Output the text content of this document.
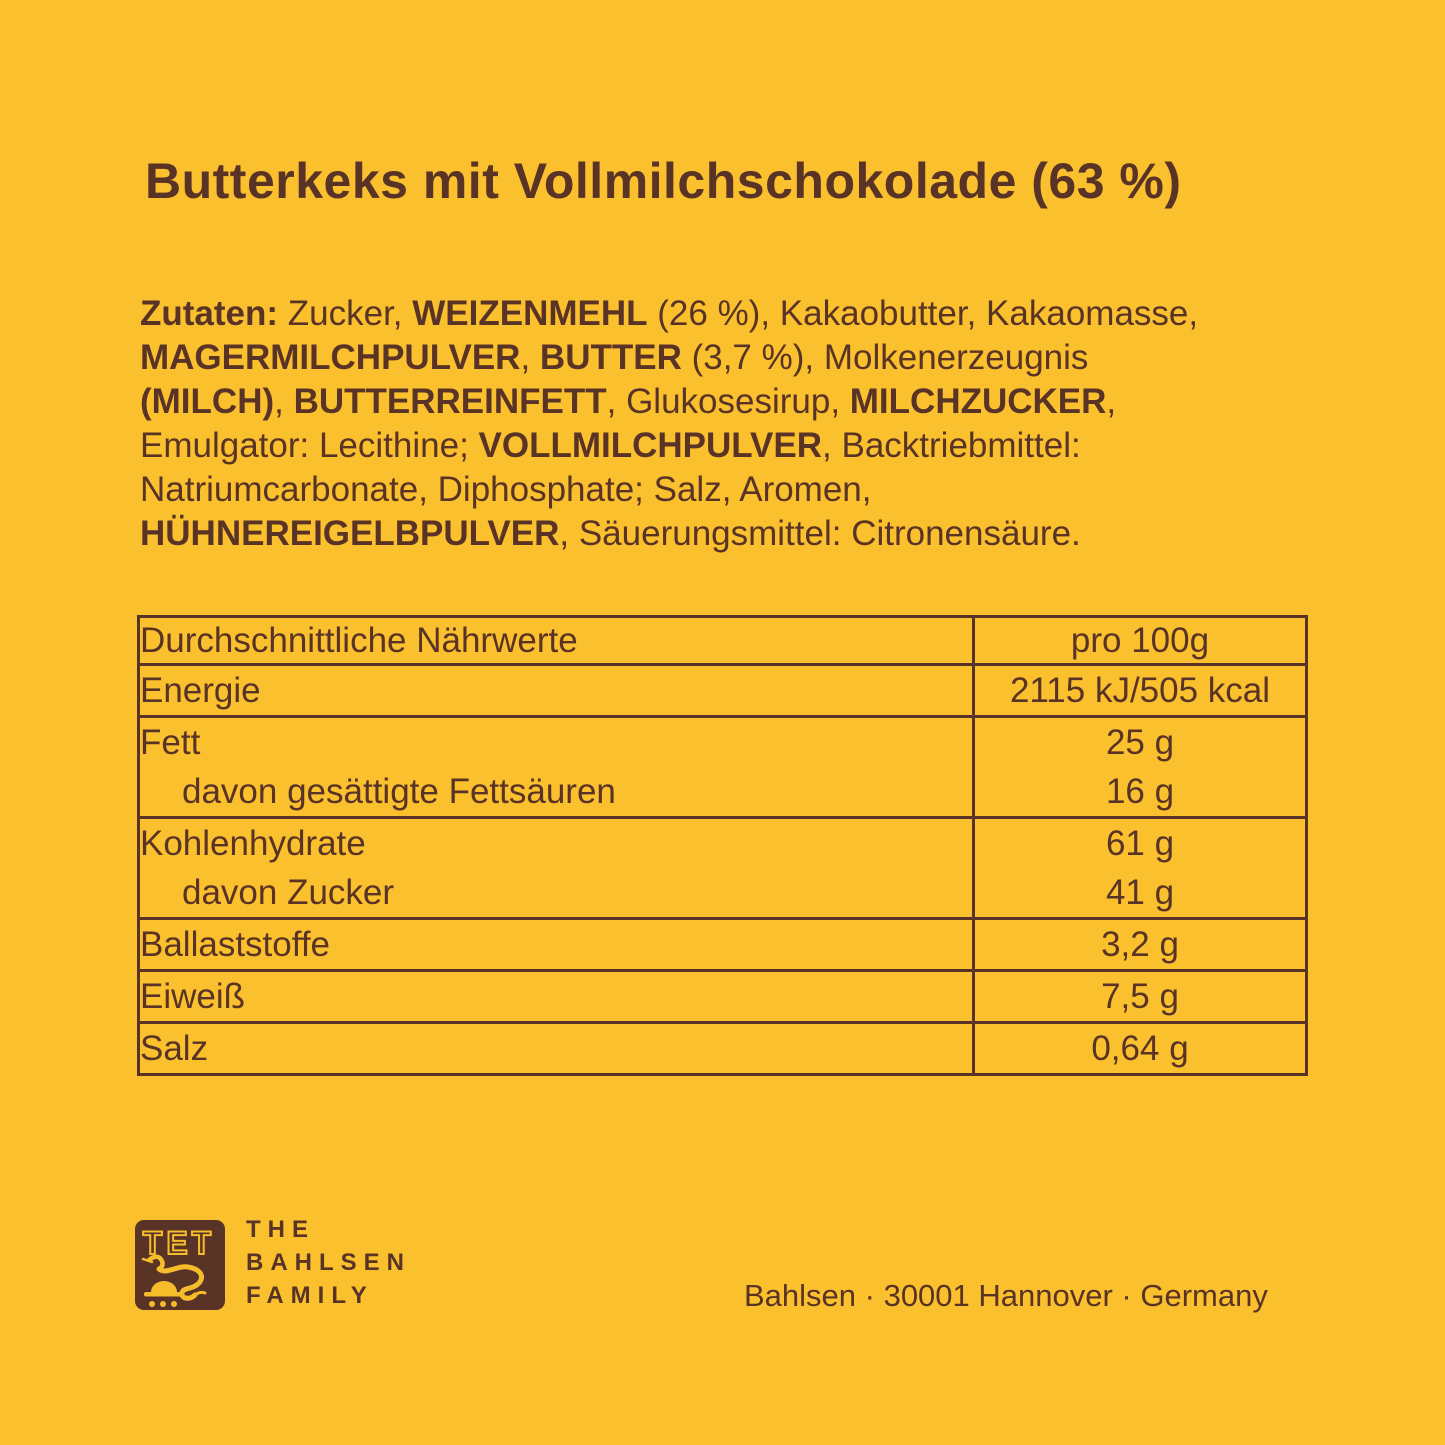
Butterkeks mit Vollmilchschokolade (63 %)
Zutaten: Zucker, WEIZENMEHL (26 %), Kakaobutter, Kakaomasse,
MAGERMILCHPULVER, BUTTER (3,7 %), Molkenerzeugnis
(MILCH), BUTTERREINFETT, Glukosesirup, MILCHZUCKER,
Emulgator: Lecithine; VOLLMILCHPULVER, Backtriebmittel:
Natriumcarbonate, Diphosphate; Salz, Aromen,
HÜHNEREIGELBPULVER, Säuerungsmittel: Citronensäure.
Durchschnittliche Nährwerte	pro 100g
Energie	2115 kJ/505 kcal
Fett	25 g
davon gesättigte Fettsäuren	16 g
Kohlenhydrate	61 g
davon Zucker	41 g
Ballaststoffe	3,2 g
Eiweiß	7,5 g
Salz	0,64 g
TET THE
BAHLSEN
FAMILY	Bahlsen · 30001 Hannover · Germany
